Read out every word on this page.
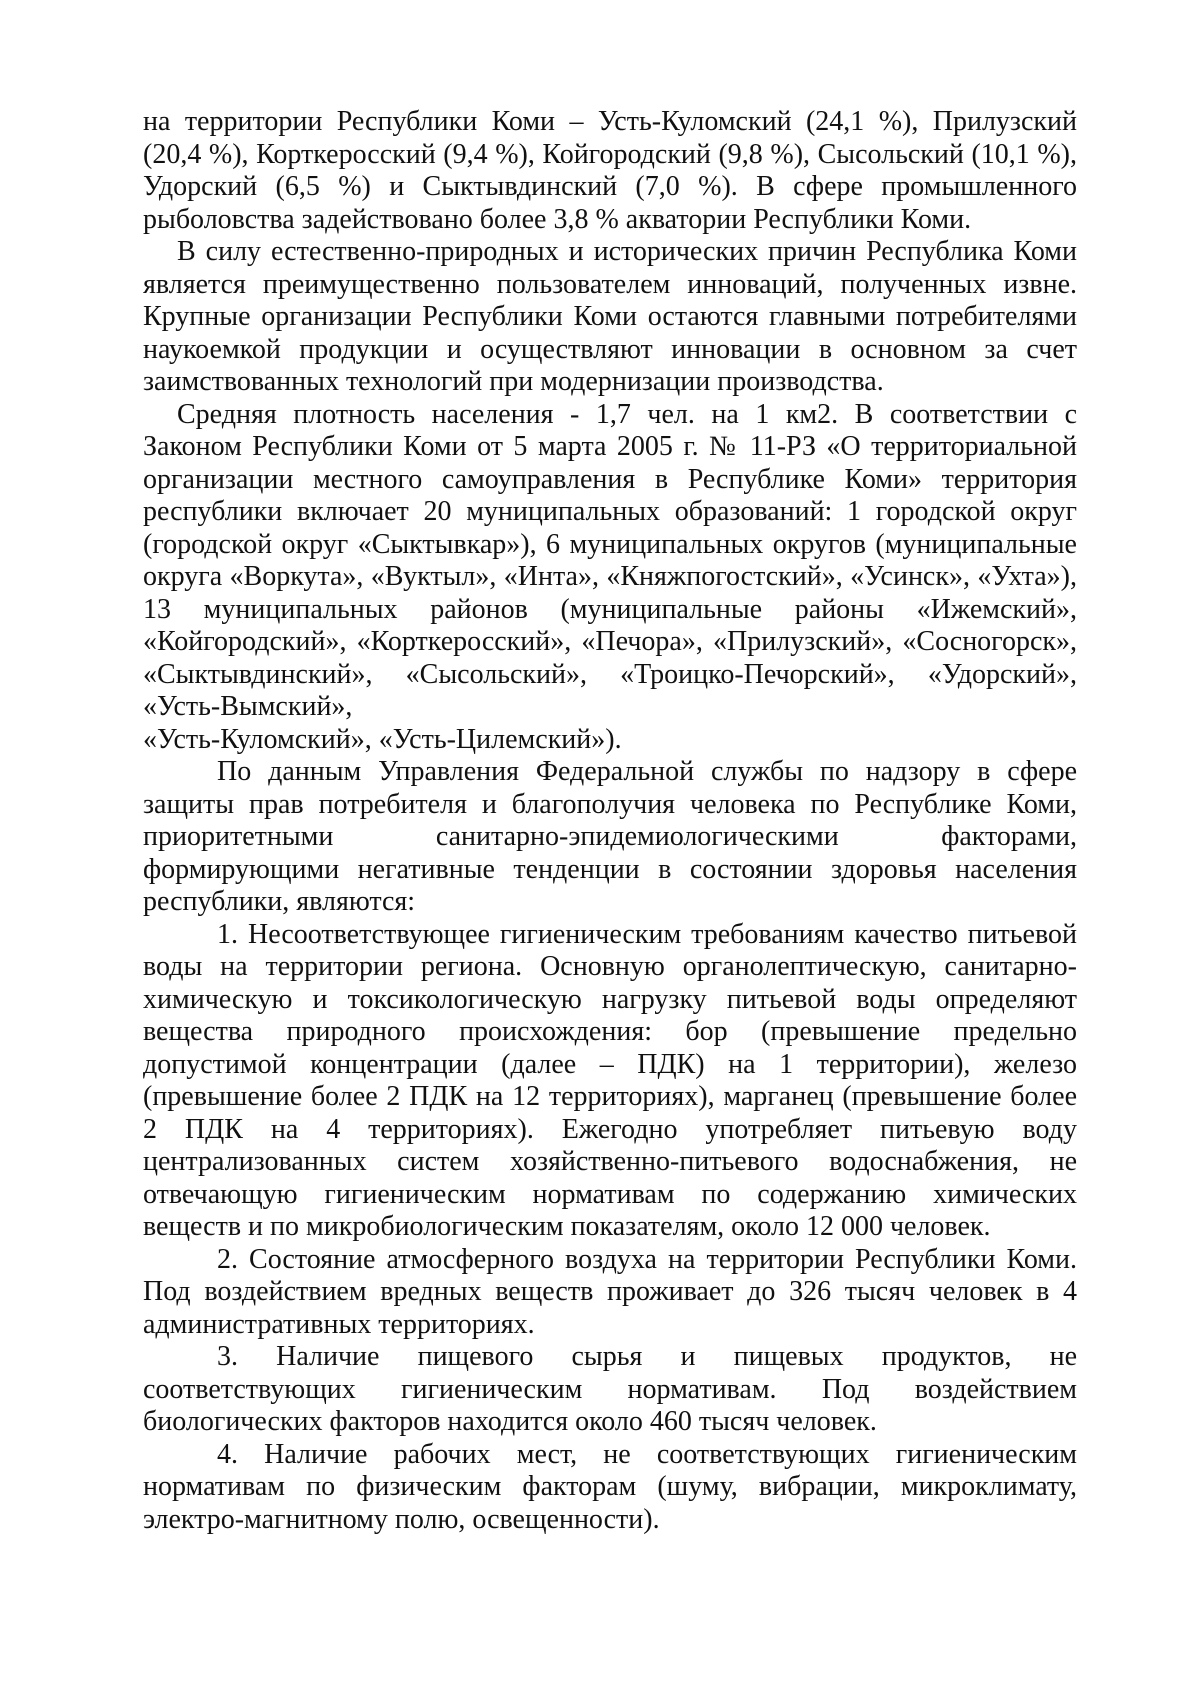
на территории Республики Коми – Усть-Куломский (24,1 %), Прилузский (20,4 %), Корткеросский (9,4 %), Койгородский (9,8 %), Сысольский (10,1 %), Удорский (6,5 %) и Сыктывдинский (7,0 %). В сфере промышленного рыболовства задействовано более 3,8 % акватории Республики Коми.

В силу естественно-природных и исторических причин Республика Коми является преимущественно пользователем инноваций, полученных извне. Крупные организации Республики Коми остаются главными потребителями наукоемкой продукции и осуществляют инновации в основном за счет заимствованных технологий при модернизации производства.

Средняя плотность населения - 1,7 чел. на 1 км2. В соответствии с Законом Республики Коми от 5 марта 2005 г. № 11-РЗ «О территориальной организации местного самоуправления в Республике Коми» территория республики включает 20 муниципальных образований: 1 городской округ (городской округ «Сыктывкар»), 6 муниципальных округов (муниципальные округа «Воркута», «Вуктыл», «Инта», «Княжпогостский», «Усинск», «Ухта»), 13 муниципальных районов (муниципальные районы «Ижемский», «Койгородский», «Корткеросский», «Печора», «Прилузский», «Сосногорск», «Сыктывдинский», «Сысольский», «Троицко-Печорский», «Удорский», «Усть-Вымский»,

«Усть-Куломский», «Усть-Цилемский»).

По данным Управления Федеральной службы по надзору в сфере защиты прав потребителя и благополучия человека по Республике Коми, приоритетными санитарно-эпидемиологическими факторами, формирующими негативные тенденции в состоянии здоровья населения республики, являются:

1. Несоответствующее гигиеническим требованиям качество питьевой воды на территории региона. Основную органолептическую, санитарно-химическую и токсикологическую нагрузку питьевой воды определяют вещества природного происхождения: бор (превышение предельно допустимой концентрации (далее – ПДК) на 1 территории), железо (превышение более 2 ПДК на 12 территориях), марганец (превышение более 2 ПДК на 4 территориях). Ежегодно употребляет питьевую воду централизованных систем хозяйственно-питьевого водоснабжения, не отвечающую гигиеническим нормативам по содержанию химических веществ и по микробиологическим показателям, около 12 000 человек.

2. Состояние атмосферного воздуха на территории Республики Коми. Под воздействием вредных веществ проживает до 326 тысяч человек в 4 административных территориях.

3. Наличие пищевого сырья и пищевых продуктов, не соответствующих гигиеническим нормативам. Под воздействием биологических факторов находится около 460 тысяч человек.

4. Наличие рабочих мест, не соответствующих гигиеническим нормативам по физическим факторам (шуму, вибрации, микроклимату, электро-магнитному полю, освещенности).
